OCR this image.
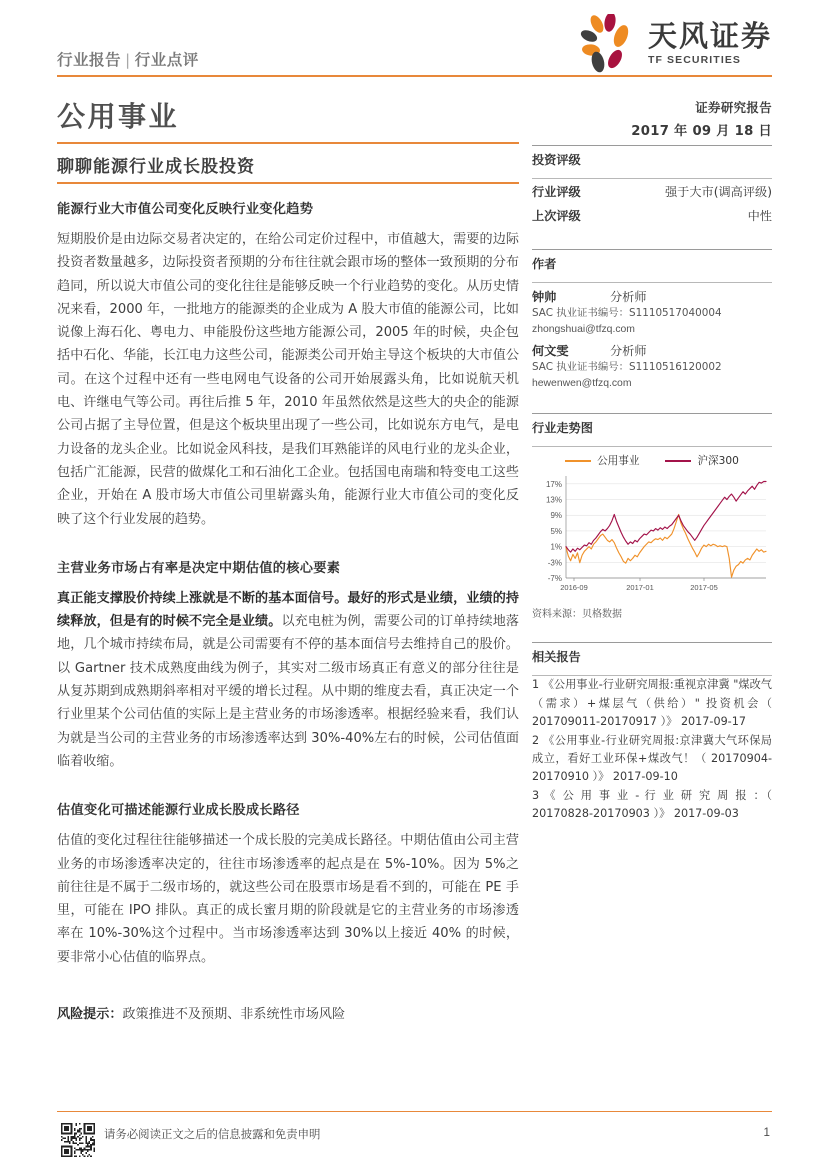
天风证券
TF SECURITIES
行业报告 | 行业点评
公用事业
聊聊能源行业成长股投资
能源行业大市值公司变化反映行业变化趋势

短期股价是由边际交易者决定的，在给公司定价过程中，市值越大，需要的边际投资者数量越多，边际投资者预期的分布往往就会跟市场的整体一致预期的分布趋同，所以说大市值公司的变化往往是能够反映一个行业趋势的变化。从历史情况来看，2000 年，一批地方的能源类的企业成为 A 股大市值的能源公司，比如说像上海石化、粤电力、申能股份这些地方能源公司，2005 年的时候，央企包括中石化、华能，长江电力这些公司，能源类公司开始主导这个板块的大市值公司。在这个过程中还有一些电网电气设备的公司开始展露头角，比如说航天机电、许继电气等公司。再往后推 5 年，2010 年虽然依然是这些大的央企的能源公司占据了主导位置，但是这个板块里出现了一些公司，比如说东方电气，是电力设备的龙头企业。比如说金风科技，是我们耳熟能详的风电行业的龙头企业，包括广汇能源，民营的做煤化工和石油化工企业。包括国电南瑞和特变电工这些企业，开始在 A 股市场大市值公司里崭露头角，能源行业大市值公司的变化反映了这个行业发展的趋势。

主营业务市场占有率是决定中期估值的核心要素

真正能支撑股价持续上涨就是不断的基本面信号。最好的形式是业绩，业绩的持续释放，但是有的时候不完全是业绩。以充电桩为例，需要公司的订单持续地落地，几个城市持续布局，就是公司需要有不停的基本面信号去维持自己的股价。以 Gartner 技术成熟度曲线为例子，其实对二级市场真正有意义的部分往往是从复苏期到成熟期斜率相对平缓的增长过程。从中期的维度去看，真正决定一个行业里某个公司估值的实际上是主营业务的市场渗透率。根据经验来看，我们认为就是当公司的主营业务的市场渗透率达到 30%-40%左右的时候，公司估值面临着收缩。

估值变化可描述能源行业成长股成长路径

估值的变化过程往往能够描述一个成长股的完美成长路径。中期估值由公司主营业务的市场渗透率决定的，往往市场渗透率的起点是在 5%-10%。因为 5%之前往往是不属于二级市场的，就这些公司在股票市场是看不到的，可能在 PE 手里，可能在 IPO 排队。真正的成长蜜月期的阶段就是它的主营业务的市场渗透率在 10%-30%这个过程中。当市场渗透率达到 30%以上接近 40% 的时候，要非常小心估值的临界点。

风险提示：政策推进不及预期、非系统性市场风险
证券研究报告
2017 年 09 月 18 日
投资评级
行业评级	强于大市(调高评级)
上次评级	中性
作者
钟帅	分析师
SAC 执业证书编号：S1110517040004
zhongshuai@tfzq.com
何文雯	分析师
SAC 执业证书编号：S1110516120002
hewenwen@tfzq.com
行业走势图
公用事业	沪深300
-7%
-3%
1%
5%
9%
13%
17%
2016-09	2017-01	2017-05
资料来源：贝格数据
相关报告
1 《公用事业-行业研究周报:重视京津冀 "煤改气（需求）+煤层气（供给）" 投资机会（ 201709011-20170917 ）》 2017-09-17
2 《公用事业-行业研究周报:京津冀大气环保局成立，看好工业环保+煤改气！（ 20170904-20170910 ）》 2017-09-10
3 《 公 用 事 业 - 行 业 研 究 周 报 ：（ 20170828-20170903 ）》 2017-09-03
请务必阅读正文之后的信息披露和免责申明	1
